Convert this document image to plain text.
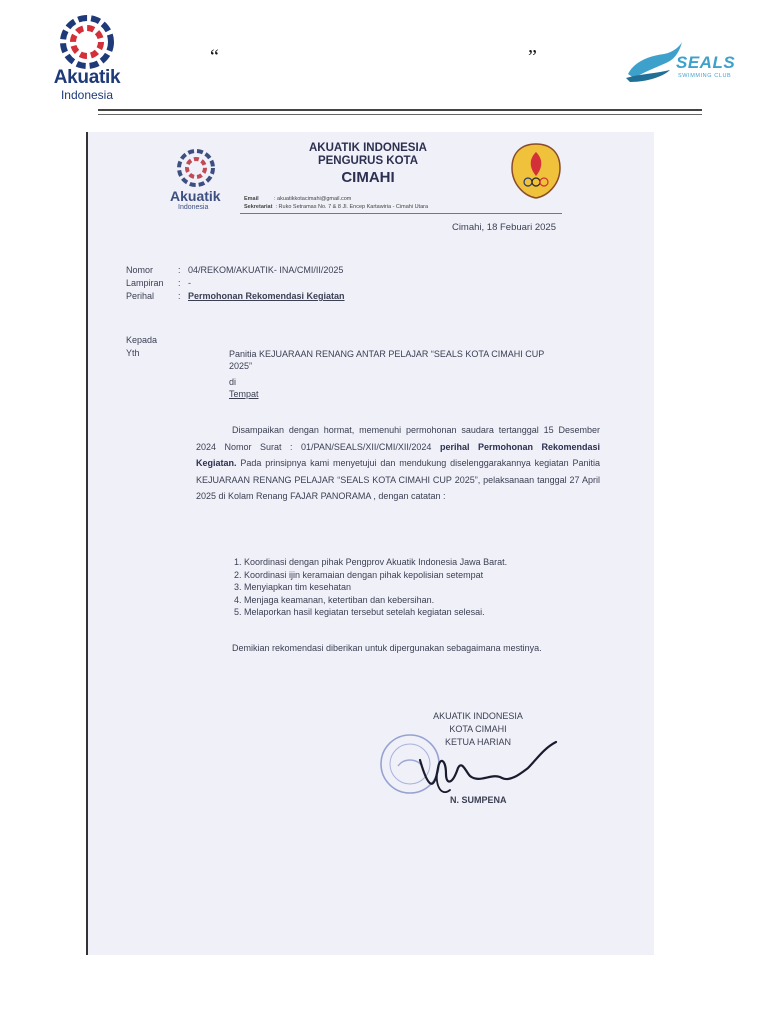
Akuatik
Indonesia
“	”	SEALS
SWIMMING CLUB
Akuatik
Indonesia
AKUATIK INDONESIA
PENGURUS KOTA
CIMAHI
Email	: akuatikkotacimahi@gmail.com
Sekretariat : Ruko Setramas No. 7 & 8 Jl. Encep Kartawiria - Cimahi Utara
Cimahi, 18 Febuari 2025
Nomor	: 04/REKOM/AKUATIK- INA/CMI/II/2025
Lampiran	: -
Perihal	: Permohonan Rekomendasi Kegiatan
Kepada
Yth	Panitia KEJUARAAN RENANG ANTAR PELAJAR “SEALS KOTA CIMAHI CUP 2025”
di
Tempat
Disampaikan dengan hormat, memenuhi permohonan saudara tertanggal 15 Desember 2024 Nomor Surat : 01/PAN/SEALS/XII/CMI/XII/2024 perihal Permohonan Rekomendasi Kegiatan. Pada prinsipnya kami menyetujui dan mendukung diselenggarakannya kegiatan Panitia KEJUARAAN RENANG PELAJAR “SEALS KOTA CIMAHI CUP 2025”, pelaksanaan tanggal 27 April 2025 di Kolam Renang FAJAR PANORAMA , dengan catatan :
1. Koordinasi dengan pihak Pengprov Akuatik Indonesia Jawa Barat.
2. Koordinasi ijin keramaian dengan pihak kepolisian setempat
3. Menyiapkan tim kesehatan
4. Menjaga keamanan, ketertiban dan kebersihan.
5. Melaporkan hasil kegiatan tersebut setelah kegiatan selesai.
Demikian rekomendasi diberikan untuk dipergunakan sebagaimana mestinya.
AKUATIK INDONESIA
KOTA CIMAHI
KETUA HARIAN
N. SUMPENA
